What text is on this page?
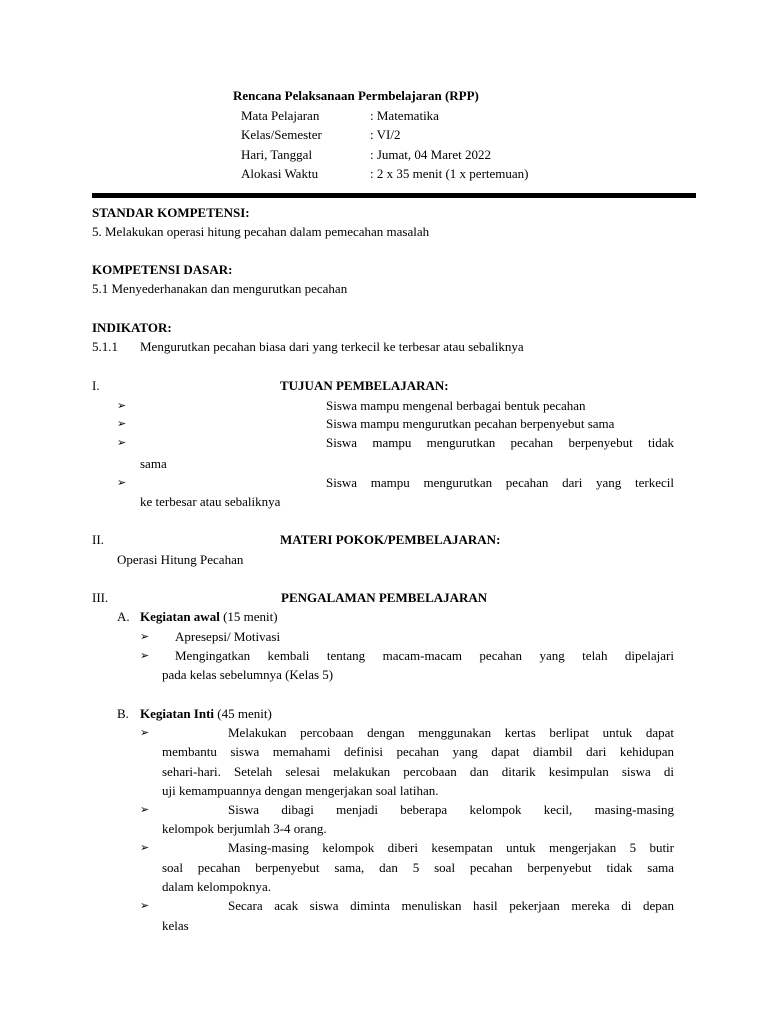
Rencana Pelaksanaan Permbelajaran (RPP)
Mata Pelajaran	: Matematika
Kelas/Semester	: VI/2
Hari, Tanggal	: Jumat, 04 Maret 2022
Alokasi Waktu	: 2 x 35 menit (1 x pertemuan)
STANDAR KOMPETENSI:
5. Melakukan operasi hitung pecahan dalam pemecahan masalah
KOMPETENSI DASAR:
5.1 Menyederhanakan dan mengurutkan pecahan
INDIKATOR:
5.1.1 Mengurutkan pecahan biasa dari yang terkecil ke terbesar atau sebaliknya
I.	TUJUAN PEMBELAJARAN:
➢	Siswa mampu mengenal berbagai bentuk pecahan
➢	Siswa mampu mengurutkan pecahan berpenyebut sama
➢	Siswa mampu mengurutkan pecahan berpenyebut tidak
sama
➢	Siswa mampu mengurutkan pecahan dari yang terkecil
ke terbesar atau sebaliknya
II.	MATERI POKOK/PEMBELAJARAN:
Operasi Hitung Pecahan
III.	PENGALAMAN PEMBELAJARAN
A. Kegiatan awal (15 menit)
➢ Apresepsi/ Motivasi
➢ Mengingatkan kembali tentang macam-macam pecahan yang telah dipelajari
pada kelas sebelumnya (Kelas 5)
B. Kegiatan Inti (45 menit)
➢	Melakukan percobaan dengan menggunakan kertas berlipat untuk dapat
membantu siswa memahami definisi pecahan yang dapat diambil dari kehidupan
sehari-hari. Setelah selesai melakukan percobaan dan ditarik kesimpulan siswa di
uji kemampuannya dengan mengerjakan soal latihan.
➢	Siswa dibagi menjadi beberapa kelompok kecil, masing-masing
kelompok berjumlah 3-4 orang.
➢	Masing-masing kelompok diberi kesempatan untuk mengerjakan 5 butir
soal pecahan berpenyebut sama, dan 5 soal pecahan berpenyebut tidak sama
dalam kelompoknya.
➢	Secara acak siswa diminta menuliskan hasil pekerjaan mereka di depan
kelas
